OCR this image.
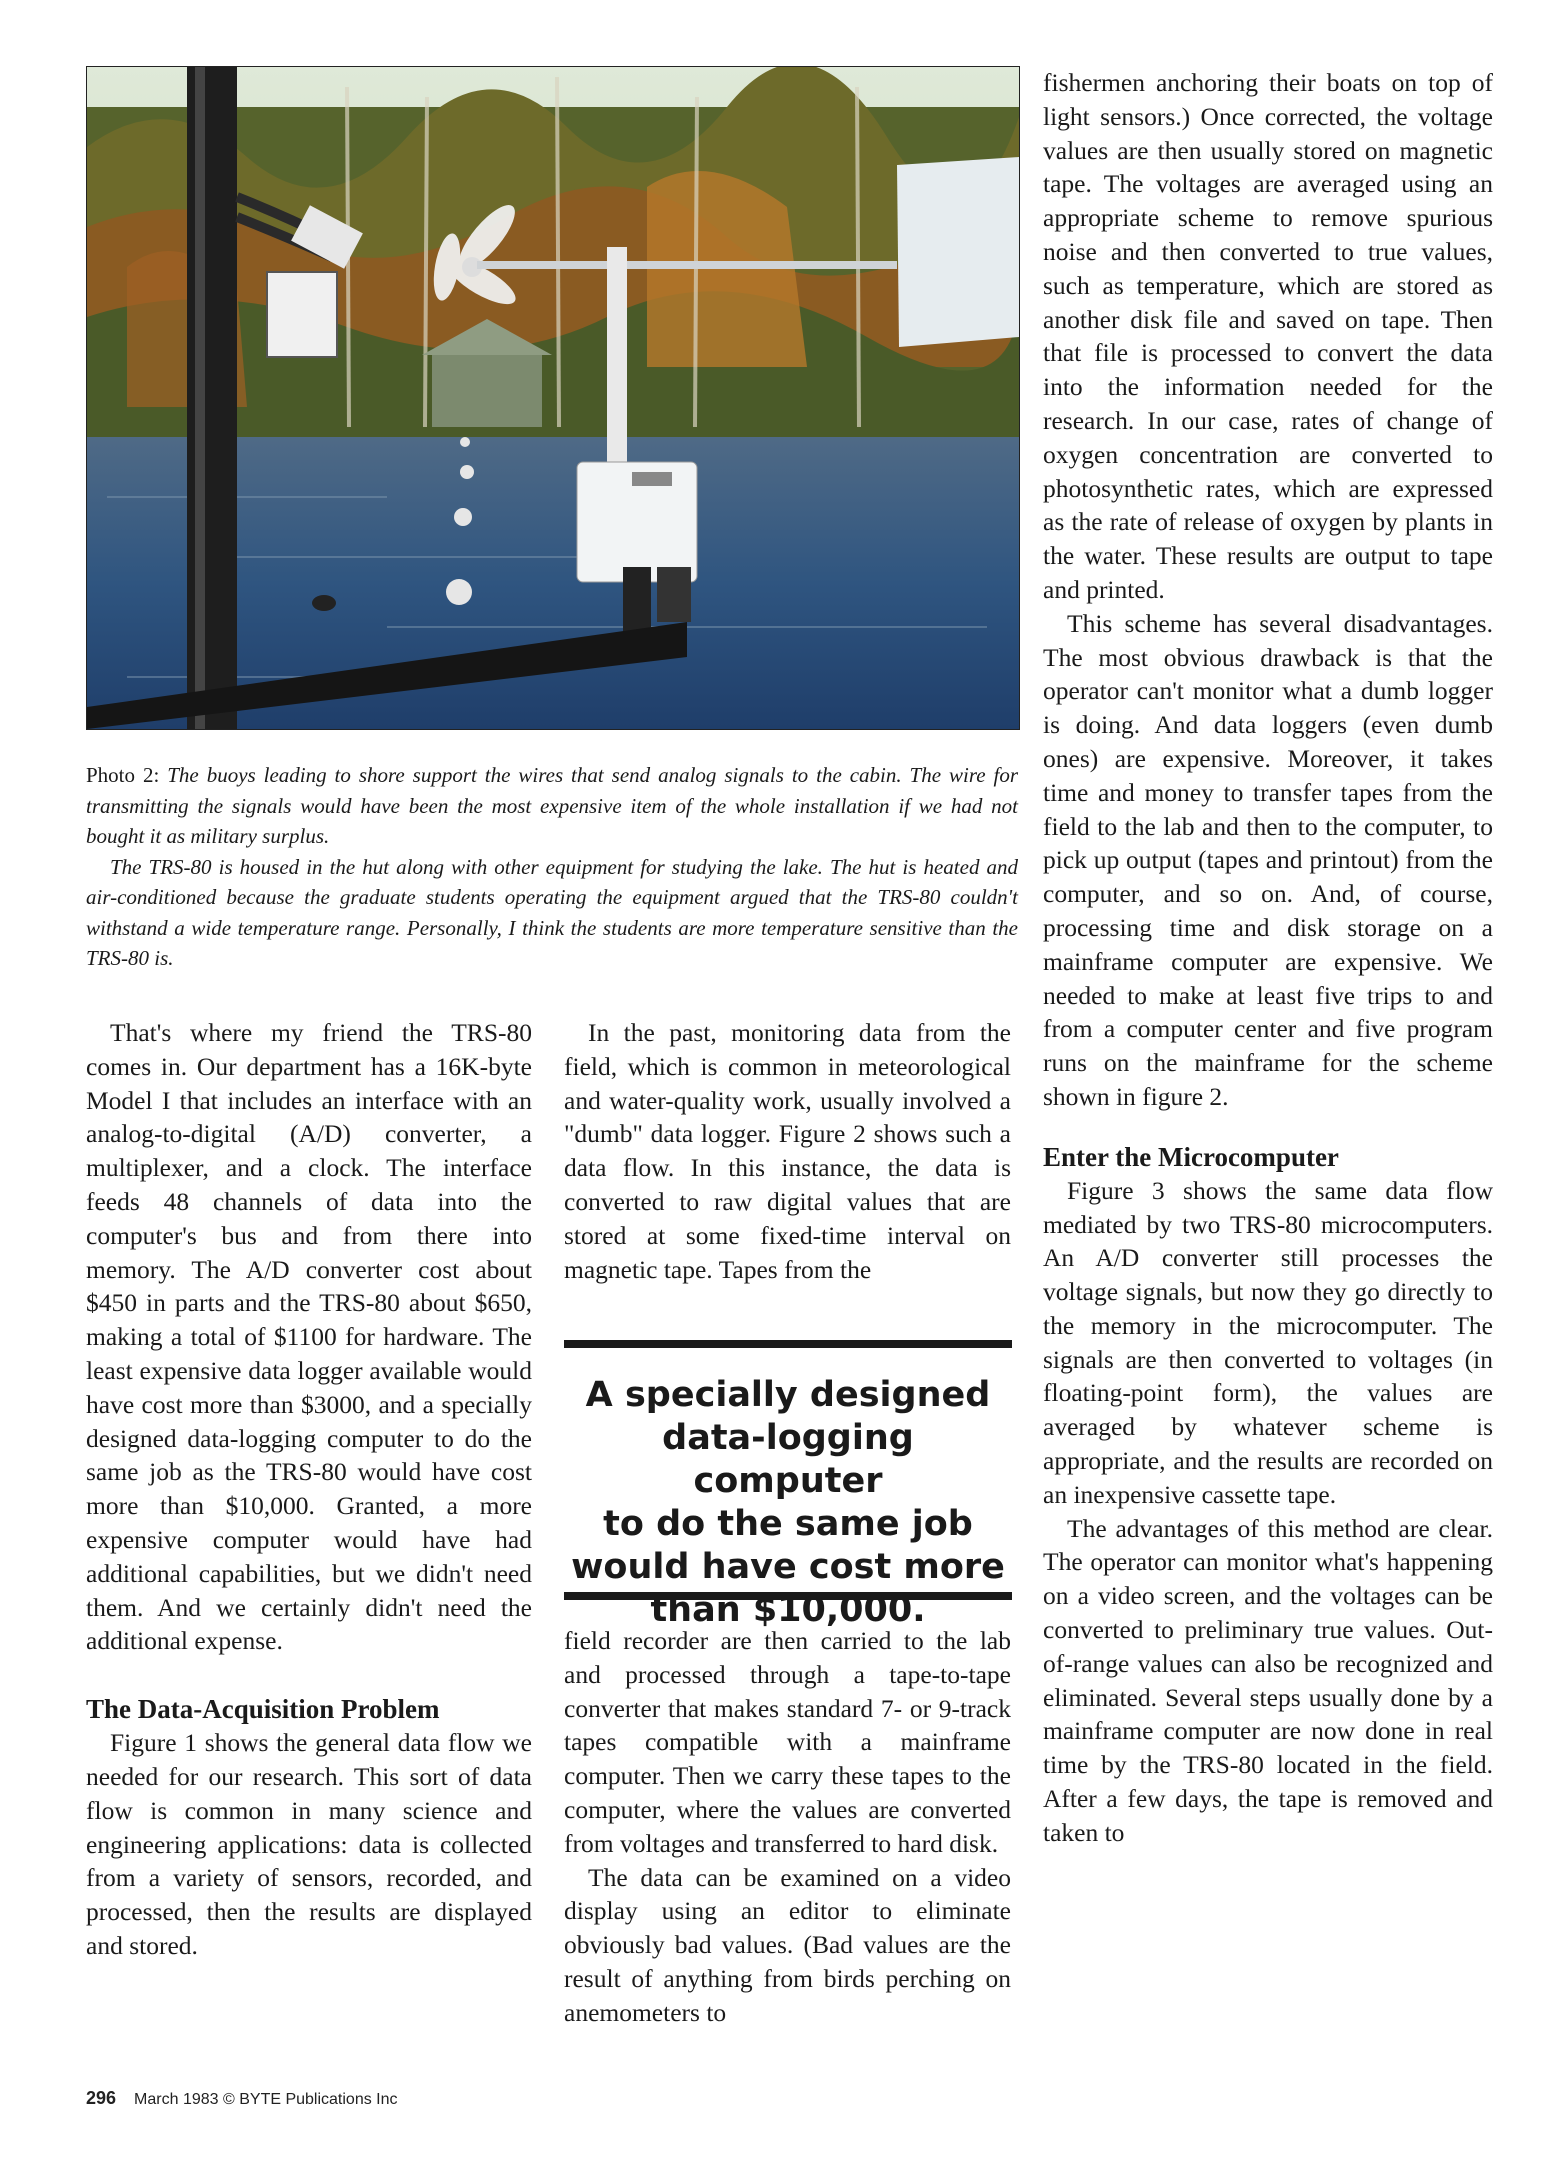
Photo 2: The buoys leading to shore support the wires that send analog signals to the cabin. The wire for transmitting the signals would have been the most expensive item of the whole installation if we had not bought it as military surplus.

The TRS-80 is housed in the hut along with other equipment for studying the lake. The hut is heated and air-conditioned because the graduate students operating the equipment argued that the TRS-80 couldn't withstand a wide temperature range. Personally, I think the students are more temperature sensitive than the TRS-80 is.

That's where my friend the TRS-80 comes in. Our department has a 16K-byte Model I that includes an interface with an analog-to-digital (A/D) converter, a multiplexer, and a clock. The interface feeds 48 channels of data into the computer's bus and from there into memory. The A/D converter cost about $450 in parts and the TRS-80 about $650, making a total of $1100 for hardware. The least expensive data logger available would have cost more than $3000, and a specially designed data-logging computer to do the same job as the TRS-80 would have cost more than $10,000. Granted, a more expensive computer would have had additional capabilities, but we didn't need them. And we certainly didn't need the additional expense.

The Data-Acquisition Problem

Figure 1 shows the general data flow we needed for our research. This sort of data flow is common in many science and engineering applications: data is collected from a variety of sensors, recorded, and processed, then the results are displayed and stored.

In the past, monitoring data from the field, which is common in meteorological and water-quality work, usually involved a "dumb" data logger. Figure 2 shows such a data flow. In this instance, the data is converted to raw digital values that are stored at some fixed-time interval on magnetic tape. Tapes from the

A specially designed
data-logging computer
to do the same job
would have cost more
than $10,000.

field recorder are then carried to the lab and processed through a tape-to-tape converter that makes standard 7- or 9-track tapes compatible with a mainframe computer. Then we carry these tapes to the computer, where the values are converted from voltages and transferred to hard disk.

The data can be examined on a video display using an editor to eliminate obviously bad values. (Bad values are the result of anything from birds perching on anemometers to

fishermen anchoring their boats on top of light sensors.) Once corrected, the voltage values are then usually stored on magnetic tape. The voltages are averaged using an appropriate scheme to remove spurious noise and then converted to true values, such as temperature, which are stored as another disk file and saved on tape. Then that file is processed to convert the data into the information needed for the research. In our case, rates of change of oxygen concentration are converted to photosynthetic rates, which are expressed as the rate of release of oxygen by plants in the water. These results are output to tape and printed.

This scheme has several disadvantages. The most obvious drawback is that the operator can't monitor what a dumb logger is doing. And data loggers (even dumb ones) are expensive. Moreover, it takes time and money to transfer tapes from the field to the lab and then to the computer, to pick up output (tapes and printout) from the computer, and so on. And, of course, processing time and disk storage on a mainframe computer are expensive. We needed to make at least five trips to and from a computer center and five program runs on the mainframe for the scheme shown in figure 2.

Enter the Microcomputer

Figure 3 shows the same data flow mediated by two TRS-80 microcomputers. An A/D converter still processes the voltage signals, but now they go directly to the memory in the microcomputer. The signals are then converted to voltages (in floating-point form), the values are averaged by whatever scheme is appropriate, and the results are recorded on an inexpensive cassette tape.

The advantages of this method are clear. The operator can monitor what's happening on a video screen, and the voltages can be converted to preliminary true values. Out-of-range values can also be recognized and eliminated. Several steps usually done by a mainframe computer are now done in real time by the TRS-80 located in the field. After a few days, the tape is removed and taken to

296 March 1983 © BYTE Publications Inc
